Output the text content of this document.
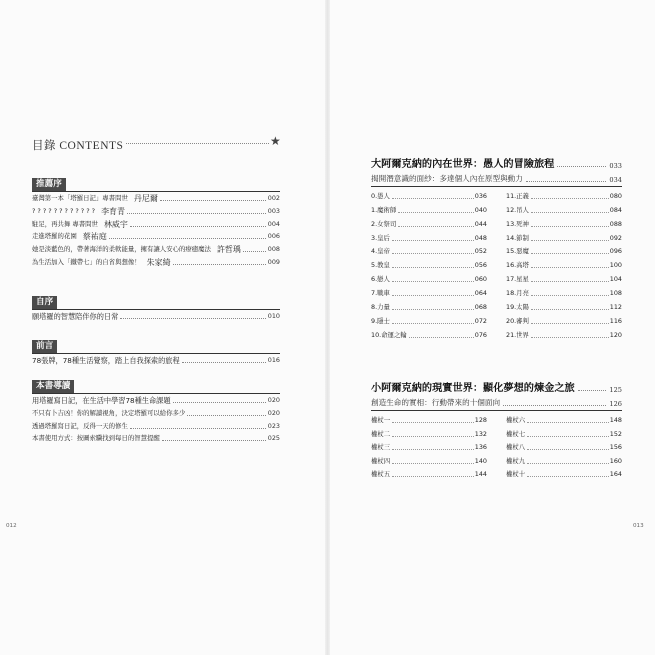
目錄 CONTENTS	★
推薦序
臺灣第一本「塔羅日記」專書問世 丹尼爾	002
? ? ? ? ? ? ? ? ? ? ? ? 李育青	003
駐足，再共舞 專書問世 林威宇	004
走進塔羅的花園 蔡祐庭	006
她是淡藍色的，帶著海洋的柔軟能量，擁有讓人安心的療癒魔法 許哲瑀	008
為生活加入「鐵帶七」的自省與想像！ 朱家綺	009
自序
願塔羅的智慧陪伴你的日常	010
前言
78張牌，78種生活覺察，踏上自我探索的旅程	016
本書導讀
用塔羅寫日記，在生活中學習78種生命課題	020
不只有卜吉凶！你的解讀視角，決定塔羅可以給你多少	020
透過塔羅寫日記，反得一天的修生	023
本書使用方式：按圖索驥找到每日的智慧提醒	025
012
大阿爾克納的內在世界：愚人的冒險旅程	033
揭開潛意識的面紗：多達個人內在原型與動力	034
0.愚人	036
1.魔術師	040
2.女祭司	044
3.皇后	048
4.皇帝	052
5.教皇	056
6.戀人	060
7.戰車	064
8.力量	068
9.隱士	072
10.命運之輪	076
11.正義	080
12.吊人	084
13.死神	088
14.節制	092
15.惡魔	096
16.高塔	100
17.星星	104
18.月亮	108
19.太陽	112
20.審判	116
21.世界	120
小阿爾克納的現實世界：顯化夢想的煉金之旅	125
創造生命的實相：行動帶來的十個面向	126
權杖一	128
權杖二	132
權杖三	136
權杖四	140
權杖五	144
權杖六	148
權杖七	152
權杖八	156
權杖九	160
權杖十	164
013
